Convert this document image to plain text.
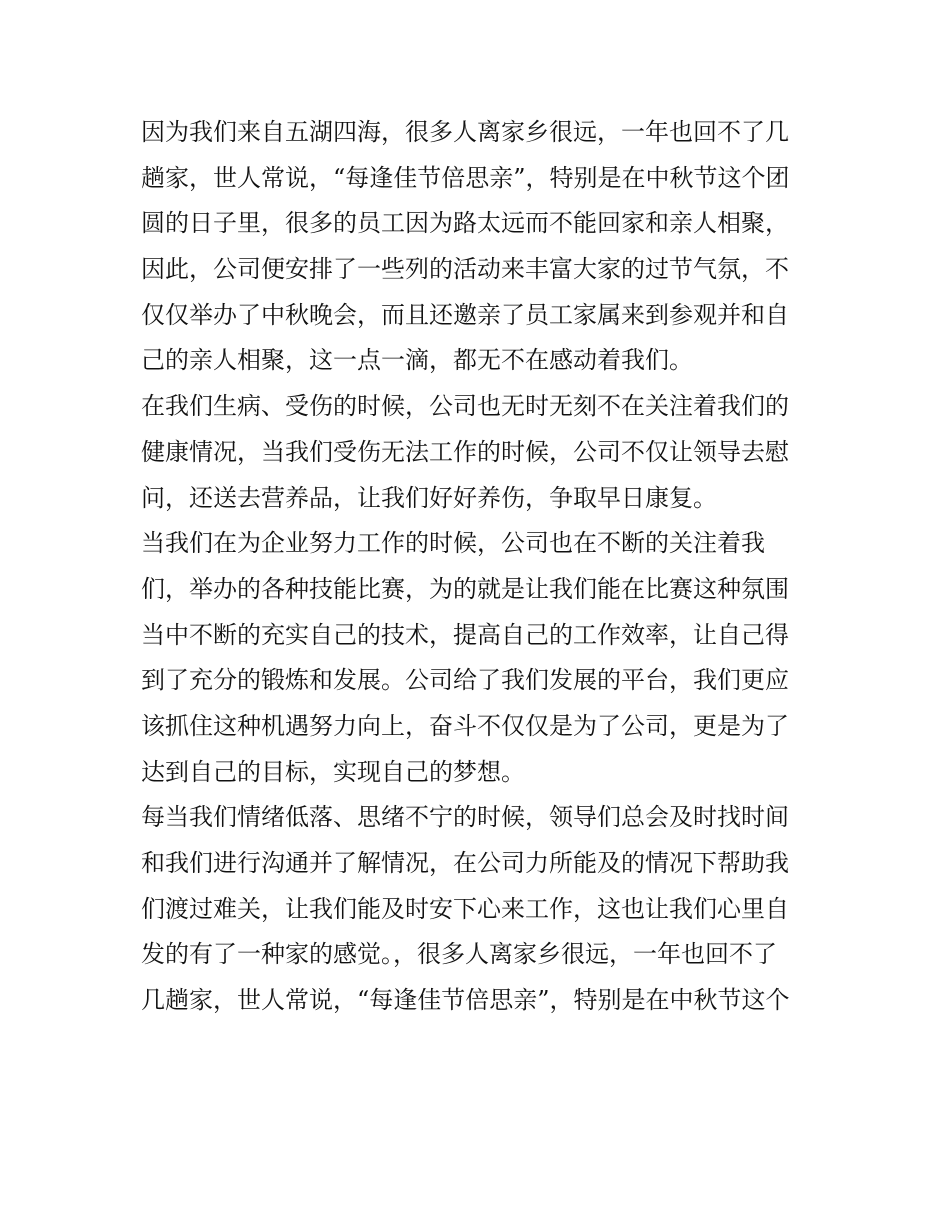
因为我们来自五湖四海，很多人离家乡很远，一年也回不了几
趟家，世人常说，“每逢佳节倍思亲”，特别是在中秋节这个团
圆的日子里，很多的员工因为路太远而不能回家和亲人相聚，
因此，公司便安排了一些列的活动来丰富大家的过节气氛，不
仅仅举办了中秋晚会，而且还邀亲了员工家属来到参观并和自
己的亲人相聚，这一点一滴，都无不在感动着我们。
在我们生病、受伤的时候，公司也无时无刻不在关注着我们的
健康情况，当我们受伤无法工作的时候，公司不仅让领导去慰
问，还送去营养品，让我们好好养伤，争取早日康复。
当我们在为企业努力工作的时候，公司也在不断的关注着我
们，举办的各种技能比赛，为的就是让我们能在比赛这种氛围
当中不断的充实自己的技术，提高自己的工作效率，让自己得
到了充分的锻炼和发展。公司给了我们发展的平台，我们更应
该抓住这种机遇努力向上，奋斗不仅仅是为了公司，更是为了
达到自己的目标，实现自己的梦想。
每当我们情绪低落、思绪不宁的时候，领导们总会及时找时间
和我们进行沟通并了解情况，在公司力所能及的情况下帮助我
们渡过难关，让我们能及时安下心来工作，这也让我们心里自
发的有了一种家的感觉。，很多人离家乡很远，一年也回不了
几趟家，世人常说，“每逢佳节倍思亲”，特别是在中秋节这个
